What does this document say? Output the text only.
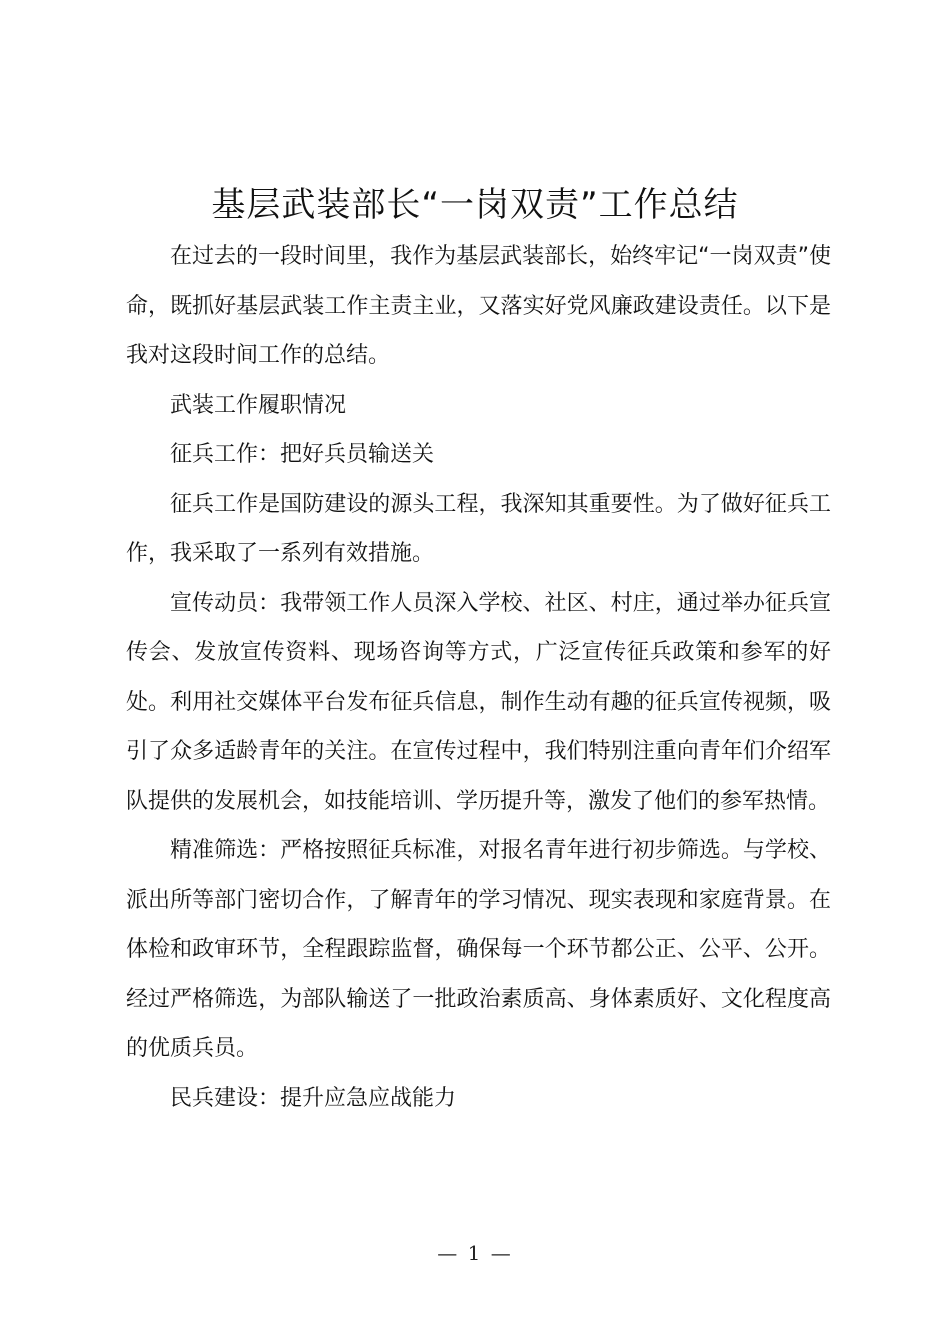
基层武装部长“一岗双责”工作总结

在过去的一段时间里，我作为基层武装部长，始终牢记“一岗双责”使命，既抓好基层武装工作主责主业，又落实好党风廉政建设责任。以下是我对这段时间工作的总结。

武装工作履职情况

征兵工作：把好兵员输送关

征兵工作是国防建设的源头工程，我深知其重要性。为了做好征兵工作，我采取了一系列有效措施。

宣传动员：我带领工作人员深入学校、社区、村庄，通过举办征兵宣传会、发放宣传资料、现场咨询等方式，广泛宣传征兵政策和参军的好处。利用社交媒体平台发布征兵信息，制作生动有趣的征兵宣传视频，吸引了众多适龄青年的关注。在宣传过程中，我们特别注重向青年们介绍军队提供的发展机会，如技能培训、学历提升等，激发了他们的参军热情。

精准筛选：严格按照征兵标准，对报名青年进行初步筛选。与学校、派出所等部门密切合作，了解青年的学习情况、现实表现和家庭背景。在体检和政审环节，全程跟踪监督，确保每一个环节都公正、公平、公开。经过严格筛选，为部队输送了一批政治素质高、身体素质好、文化程度高的优质兵员。

民兵建设：提升应急应战能力

— 1 —
